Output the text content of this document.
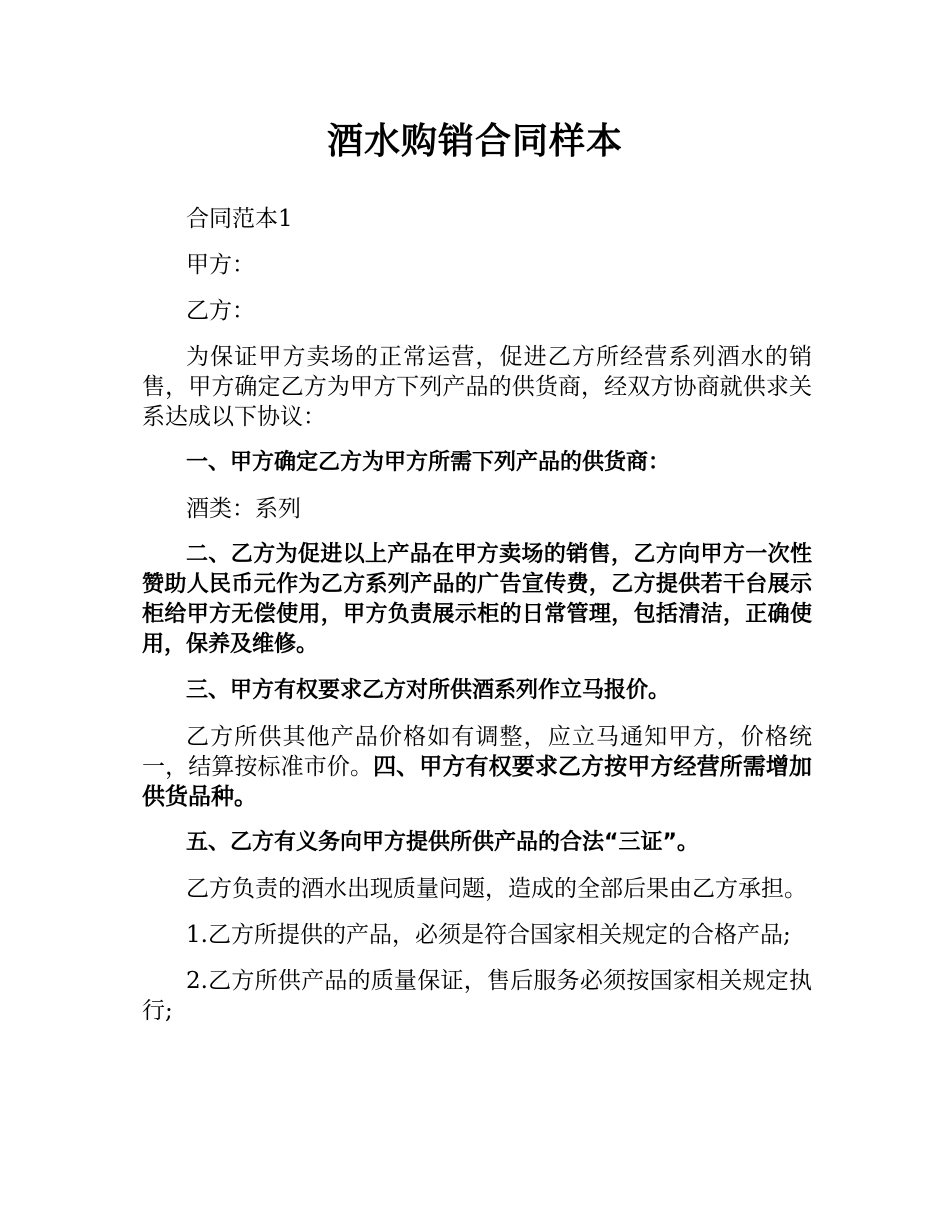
酒水购销合同样本

合同范本1

甲方：

乙方：

为保证甲方卖场的正常运营，促进乙方所经营系列酒水的销售，甲方确定乙方为甲方下列产品的供货商，经双方协商就供求关系达成以下协议：

一、甲方确定乙方为甲方所需下列产品的供货商：

酒类：系列

二、乙方为促进以上产品在甲方卖场的销售，乙方向甲方一次性赞助人民币元作为乙方系列产品的广告宣传费，乙方提供若干台展示柜给甲方无偿使用，甲方负责展示柜的日常管理，包括清洁，正确使用，保养及维修。

三、甲方有权要求乙方对所供酒系列作立马报价。

乙方所供其他产品价格如有调整，应立马通知甲方，价格统一，结算按标准市价。四、甲方有权要求乙方按甲方经营所需增加供货品种。

五、乙方有义务向甲方提供所供产品的合法“三证”。

乙方负责的酒水出现质量问题，造成的全部后果由乙方承担。

1.乙方所提供的产品，必须是符合国家相关规定的合格产品;

2.乙方所供产品的质量保证，售后服务必须按国家相关规定执行;
